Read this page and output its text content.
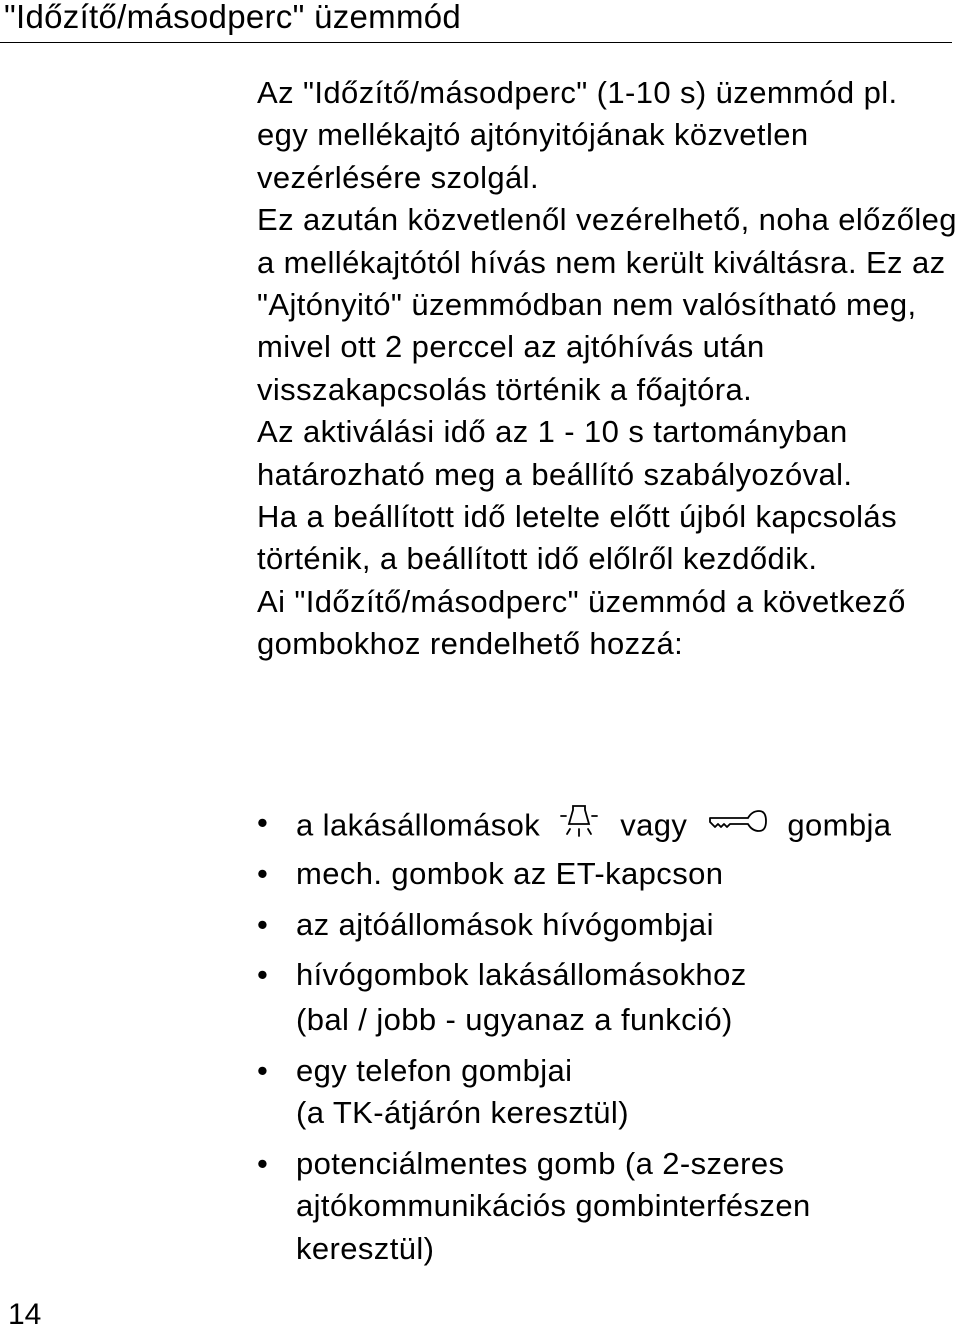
"Időzítő/másodperc" üzemmód

Az "Időzítő/másodperc" (1-10 s) üzemmód pl. egy mellékajtó ajtónyitójának közvetlen vezérlésére szolgál.

Ez azután közvetlenől vezérelhető, noha előzőleg a mellékajtótól hívás nem került kiváltásra. Ez az "Ajtónyitó" üzemmódban nem valósítható meg, mivel ott 2 perccel az ajtóhívás után visszakapcsolás történik a főajtóra.

Az aktiválási idő az 1 - 10 s tartományban határozható meg a beállító szabályozóval.

Ha a beállított idő letelte előtt újból kapcsolás történik, a beállított idő előlről kezdődik.

Ai "Időzítő/másodperc" üzemmód a következő gombokhoz rendelhető hozzá:

• a lakásállomások	vagy	gombja
• mech. gombok az ET-kapcson
• az ajtóállomások hívógombjai
• hívógombok lakásállomásokhoz
(bal / jobb - ugyanaz a funkció)
• egy telefon gombjai
(a TK-átjárón keresztül)
• potenciálmentes gomb (a 2-szeres
ajtókommunikációs gombinterfészen
keresztül)
14
